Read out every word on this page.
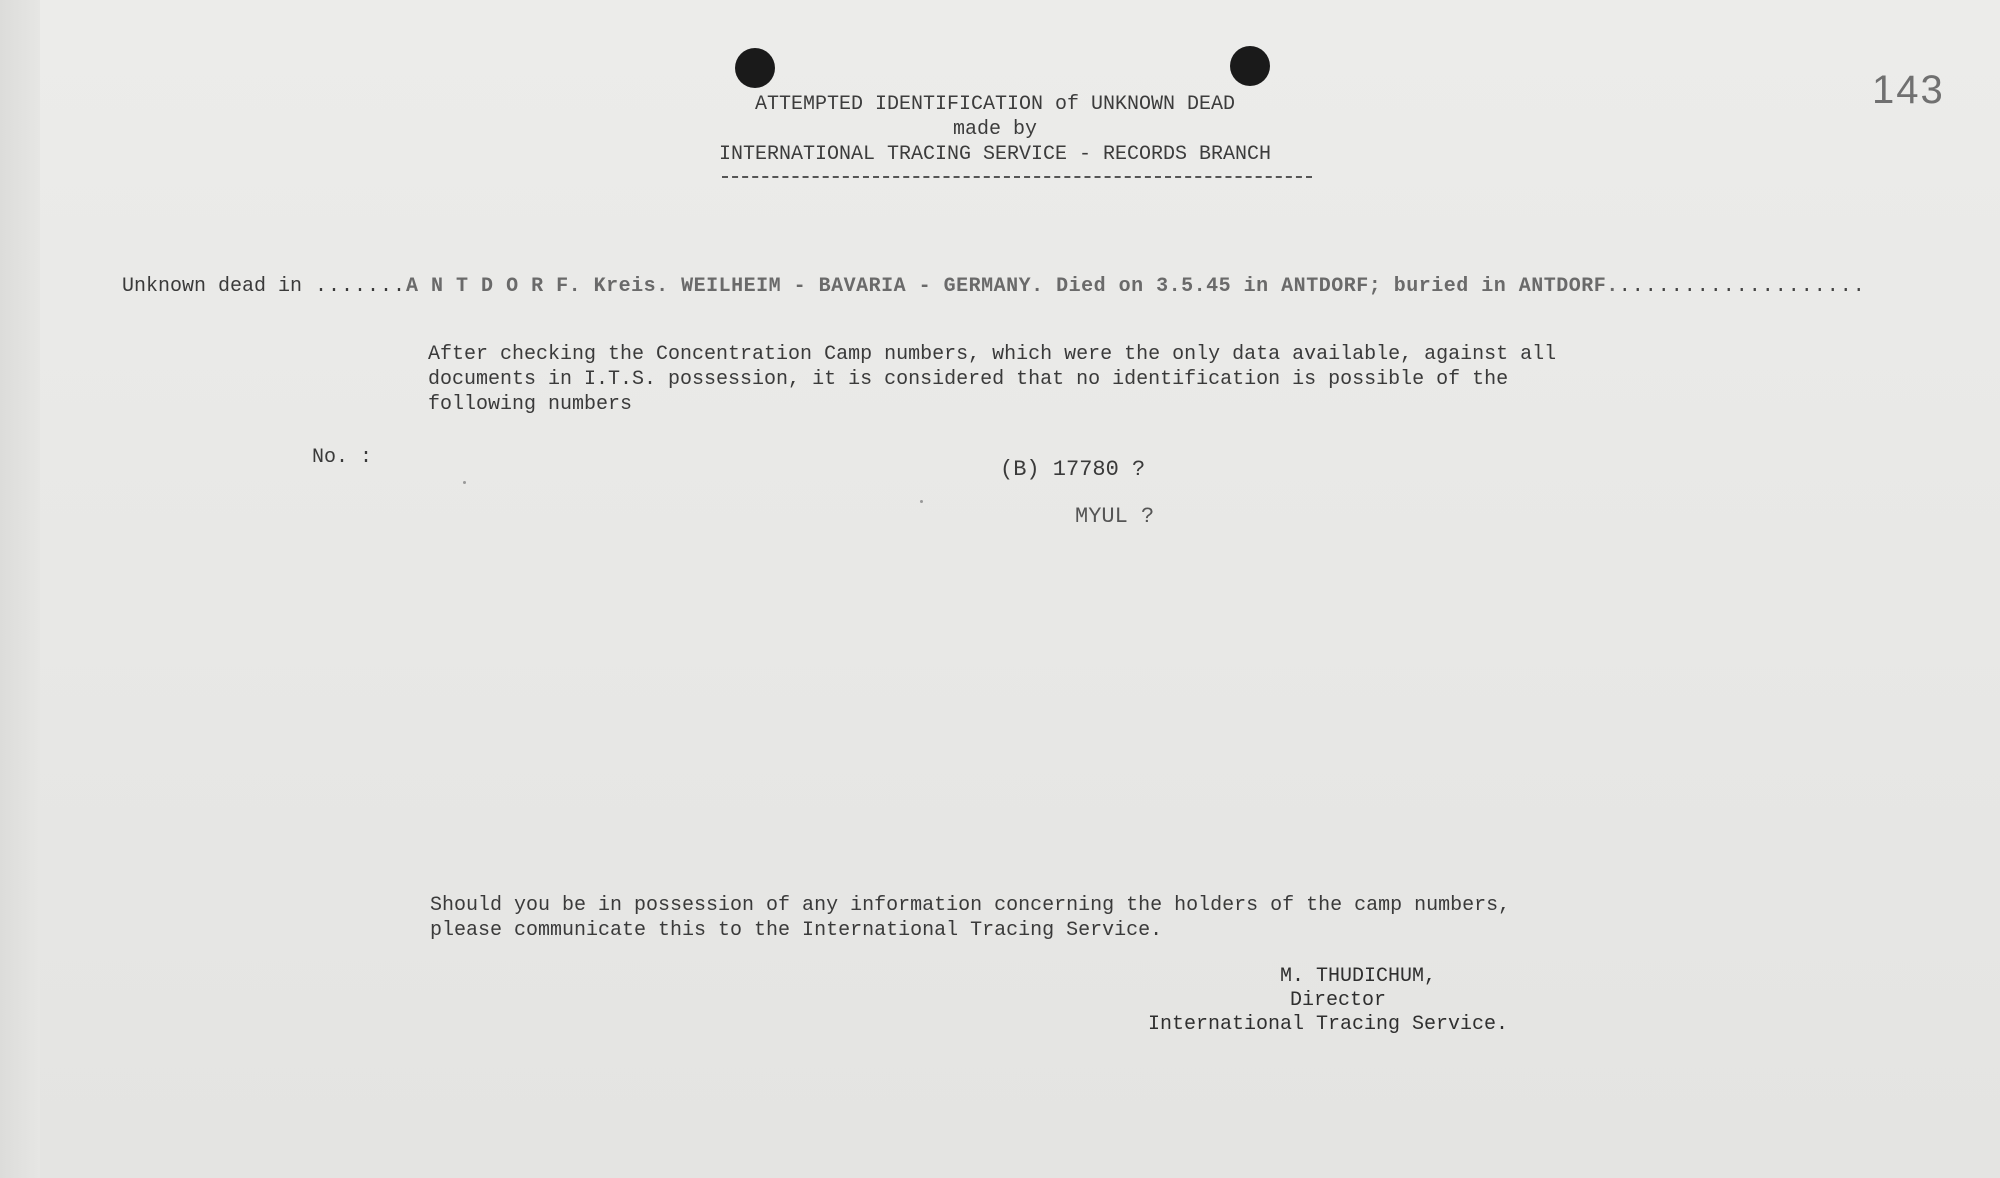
143
ATTEMPTED IDENTIFICATION of UNKNOWN DEAD
made by
INTERNATIONAL TRACING SERVICE - RECORDS BRANCH
Unknown dead in .......A N T D O R F. Kreis. WEILHEIM - BAVARIA - GERMANY. Died on 3.5.45 in ANTDORF; buried in ANTDORF....................
After checking the Concentration Camp numbers, which were the only data available, against all
documents in I.T.S. possession, it is considered that no identification is possible of the
following numbers
No. :	(B) 17780 ?
MYUL ?
Should you be in possession of any information concerning the holders of the camp numbers,
please communicate this to the International Tracing Service.
M. THUDICHUM,
Director
International Tracing Service.
